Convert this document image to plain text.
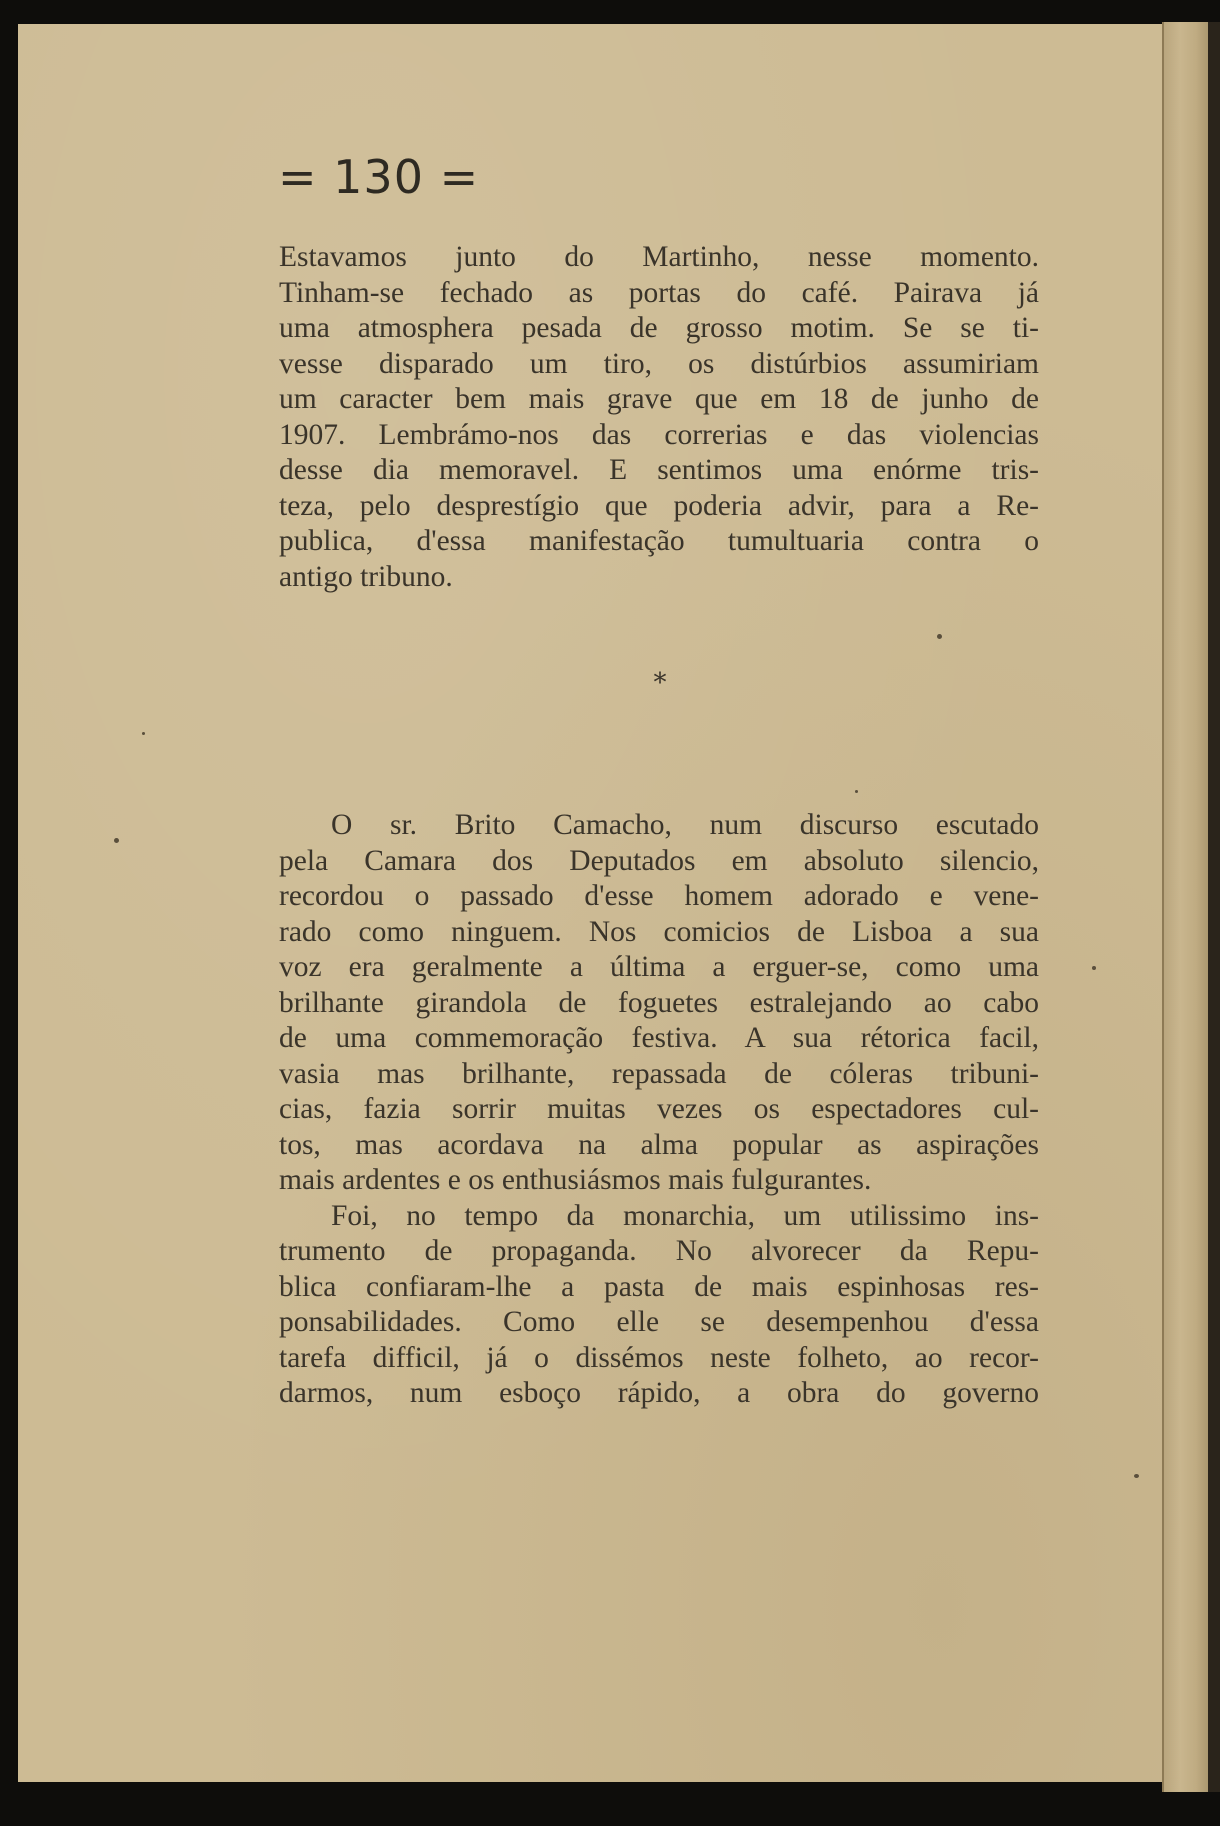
= 130 =
Estavamos junto do Martinho, nesse momento.
Tinham-se fechado as portas do café. Pairava já
uma atmosphera pesada de grosso motim. Se se ti-
vesse disparado um tiro, os distúrbios assumiriam
um caracter bem mais grave que em 18 de junho de
1907. Lembrámo-nos das correrias e das violencias
desse dia memoravel. E sentimos uma enórme tris-
teza, pelo desprestígio que poderia advir, para a Re-
publica, d'essa manifestação tumultuaria contra o
antigo tribuno.
*
O sr. Brito Camacho, num discurso escutado
pela Camara dos Deputados em absoluto silencio,
recordou o passado d'esse homem adorado e vene-
rado como ninguem. Nos comicios de Lisboa a sua
voz era geralmente a última a erguer-se, como uma
brilhante girandola de foguetes estralejando ao cabo
de uma commemoração festiva. A sua rétorica facil,
vasia mas brilhante, repassada de cóleras tribuni-
cias, fazia sorrir muitas vezes os espectadores cul-
tos, mas acordava na alma popular as aspirações
mais ardentes e os enthusiásmos mais fulgurantes.
Foi, no tempo da monarchia, um utilissimo ins-
trumento de propaganda. No alvorecer da Repu-
blica confiaram-lhe a pasta de mais espinhosas res-
ponsabilidades. Como elle se desempenhou d'essa
tarefa difficil, já o dissémos neste folheto, ao recor-
darmos, num esboço rápido, a obra do governo
